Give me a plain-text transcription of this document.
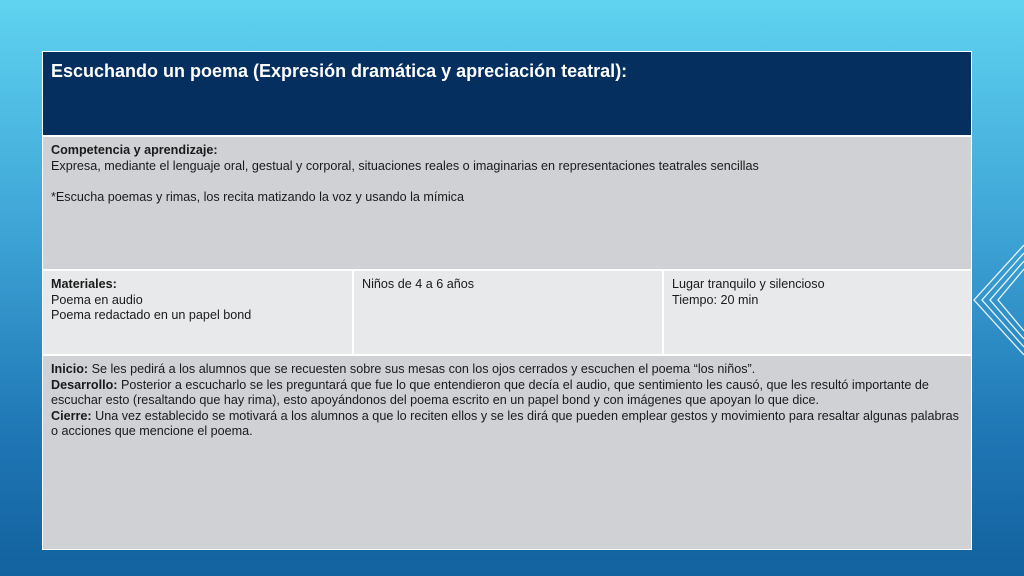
Escuchando un poema (Expresión dramática y apreciación teatral):
Competencia y aprendizaje:
Expresa, mediante el lenguaje oral, gestual y corporal, situaciones reales o imaginarias en representaciones teatrales sencillas
*Escucha poemas y rimas, los recita matizando la voz y usando la mímica
Materiales:
Poema en audio
Poema redactado en un papel bond
Niños de 4 a 6 años	Lugar tranquilo y silencioso
Tiempo: 20 min
Inicio: Se les pedirá a los alumnos que se recuesten sobre sus mesas con los ojos cerrados y escuchen el poema “los niños”.
Desarrollo: Posterior a escucharlo se les preguntará que fue lo que entendieron que decía el audio, que sentimiento les causó, que les resultó importante de escuchar esto (resaltando que hay rima), esto apoyándonos del poema escrito en un papel bond y con imágenes que apoyan lo que dice.
Cierre: Una vez establecido se motivará a los alumnos a que lo reciten ellos y se les dirá que pueden emplear gestos y movimiento para resaltar algunas palabras o acciones que mencione el poema.
